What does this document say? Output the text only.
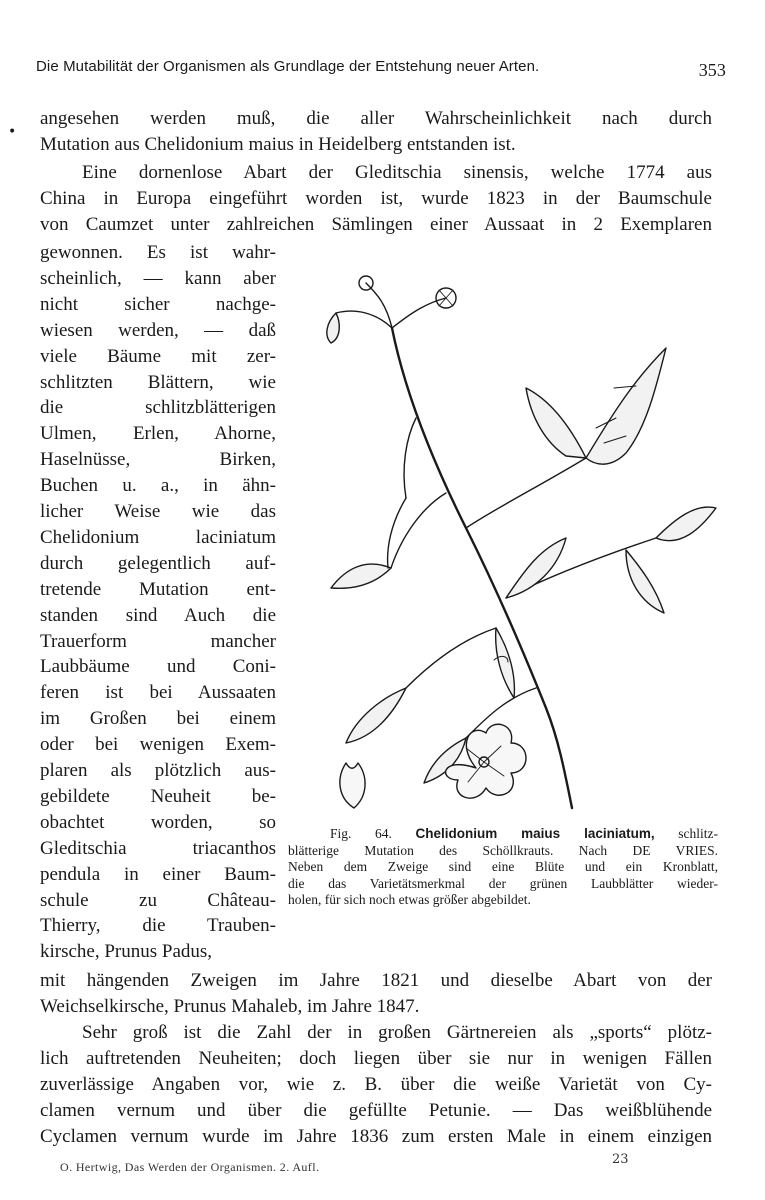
Die Mutabilität der Organismen als Grundlage der Entstehung neuer Arten.	353
•
angesehen werden muß, die aller Wahrscheinlichkeit nach durch
Mutation aus Chelidonium maius in Heidelberg entstanden ist.
Eine dornenlose Abart der Gleditschia sinensis, welche 1774 aus
China in Europa eingeführt worden ist, wurde 1823 in der Baumschule
von Caumzet unter zahlreichen Sämlingen einer Aussaat in 2 Exemplaren
gewonnen. Es ist wahr-
scheinlich, — kann aber
nicht sicher nachge-
wiesen werden, — daß
viele Bäume mit zer-
schlitzten Blättern, wie
die schlitzblätterigen
Ulmen, Erlen, Ahorne,
Haselnüsse, Birken,
Buchen u. a., in ähn-
licher Weise wie das
Chelidonium laciniatum
durch gelegentlich auf-
tretende Mutation ent-
standen sind Auch die
Trauerform mancher
Laubbäume und Coni-
feren ist bei Aussaaten
im Großen bei einem
oder bei wenigen Exem-
plaren als plötzlich aus-
gebildete Neuheit be-
obachtet worden, so
Gleditschia triacanthos
pendula in einer Baum-
schule zu Château-
Thierry, die Trauben-
kirsche, Prunus Padus,
Fig. 64. Chelidonium maius laciniatum, schlitz-
blätterige Mutation des Schöllkrauts. Nach DE VRIES.
Neben dem Zweige sind eine Blüte und ein Kronblatt,
die das Varietätsmerkmal der grünen Laubblätter wieder-
holen, für sich noch etwas größer abgebildet.
mit hängenden Zweigen im Jahre 1821 und dieselbe Abart von der
Weichselkirsche, Prunus Mahaleb, im Jahre 1847.
Sehr groß ist die Zahl der in großen Gärtnereien als „sports“ plötz-
lich auftretenden Neuheiten; doch liegen über sie nur in wenigen Fällen
zuverlässige Angaben vor, wie z. B. über die weiße Varietät von Cy-
clamen vernum und über die gefüllte Petunie. — Das weißblühende
Cyclamen vernum wurde im Jahre 1836 zum ersten Male in einem einzigen
O. Hertwig, Das Werden der Organismen. 2. Aufl.	23
